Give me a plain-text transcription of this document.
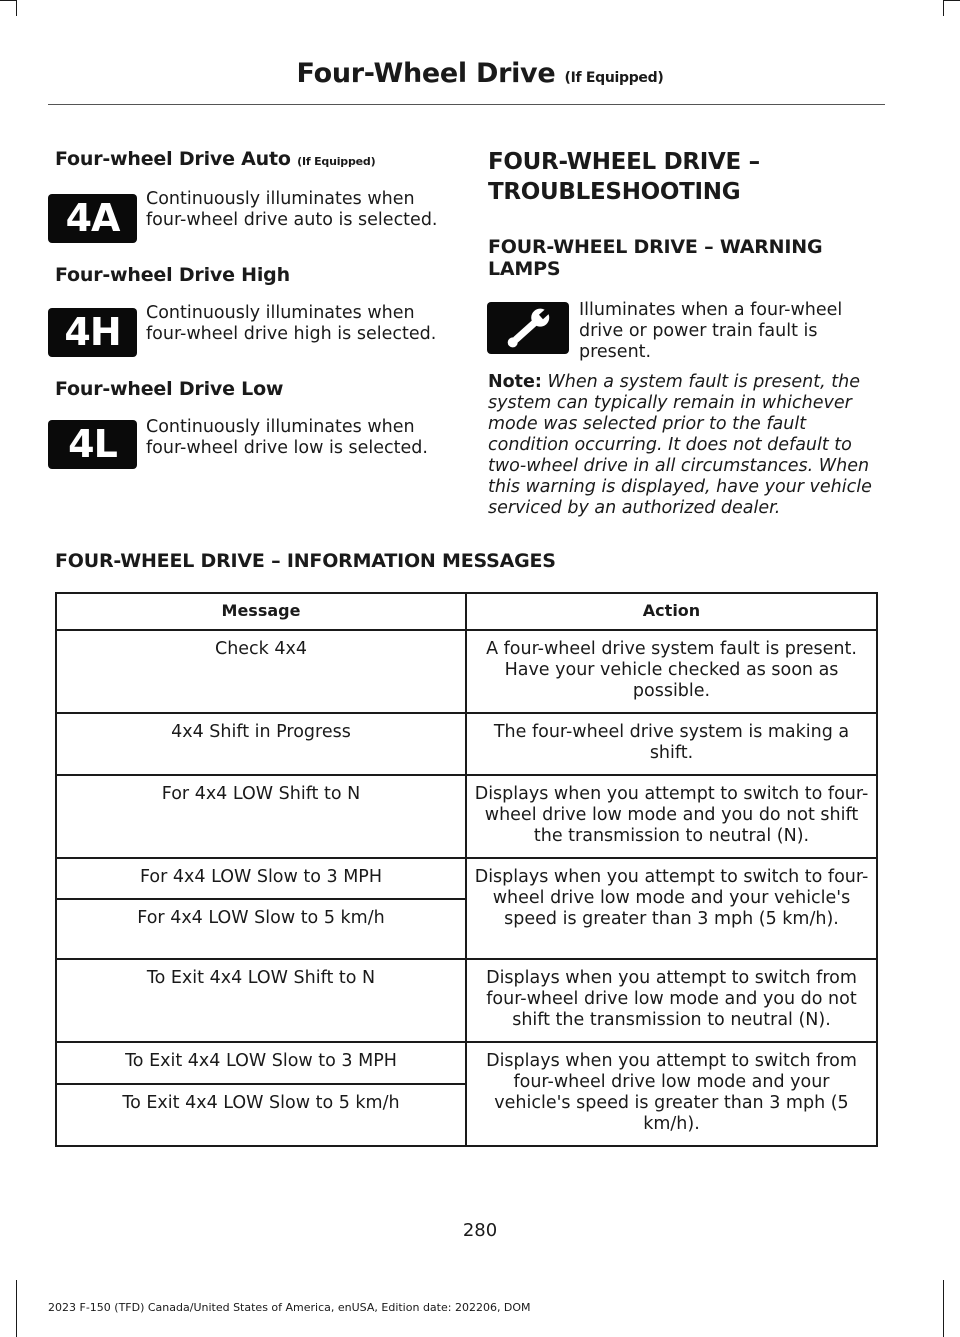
Four-Wheel Drive (If Equipped)
Four-wheel Drive Auto (If Equipped)
4A	Continuously illuminates when four-wheel drive auto is selected.
Four-wheel Drive High
4H	Continuously illuminates when four-wheel drive high is selected.
Four-wheel Drive Low
4L	Continuously illuminates when four-wheel drive low is selected.
FOUR-WHEEL DRIVE –
TROUBLESHOOTING
FOUR-WHEEL DRIVE – WARNING
LAMPS
Illuminates when a four-wheel drive or power train fault is present.
Note: When a system fault is present, the system can typically remain in whichever mode was selected prior to the fault condition occurring. It does not default to two-wheel drive in all circumstances. When this warning is displayed, have your vehicle serviced by an authorized dealer.
FOUR-WHEEL DRIVE – INFORMATION MESSAGES
Message	Action
Check 4x4	A four-wheel drive system fault is present. Have your vehicle checked as soon as possible.
4x4 Shift in Progress	The four-wheel drive system is making a shift.
For 4x4 LOW Shift to N	Displays when you attempt to switch to four-wheel drive low mode and you do not shift the transmission to neutral (N).
For 4x4 LOW Slow to 3 MPH	Displays when you attempt to switch to four-wheel drive low mode and your vehicle's speed is greater than 3 mph (5 km/h).
For 4x4 LOW Slow to 5 km/h	
To Exit 4x4 LOW Shift to N	Displays when you attempt to switch from four-wheel drive low mode and you do not shift the transmission to neutral (N).
To Exit 4x4 LOW Slow to 3 MPH	Displays when you attempt to switch from four-wheel drive low mode and your vehicle's speed is greater than 3 mph (5 km/h).
To Exit 4x4 LOW Slow to 5 km/h	
280
2023 F-150 (TFD) Canada/United States of America, enUSA, Edition date: 202206, DOM
